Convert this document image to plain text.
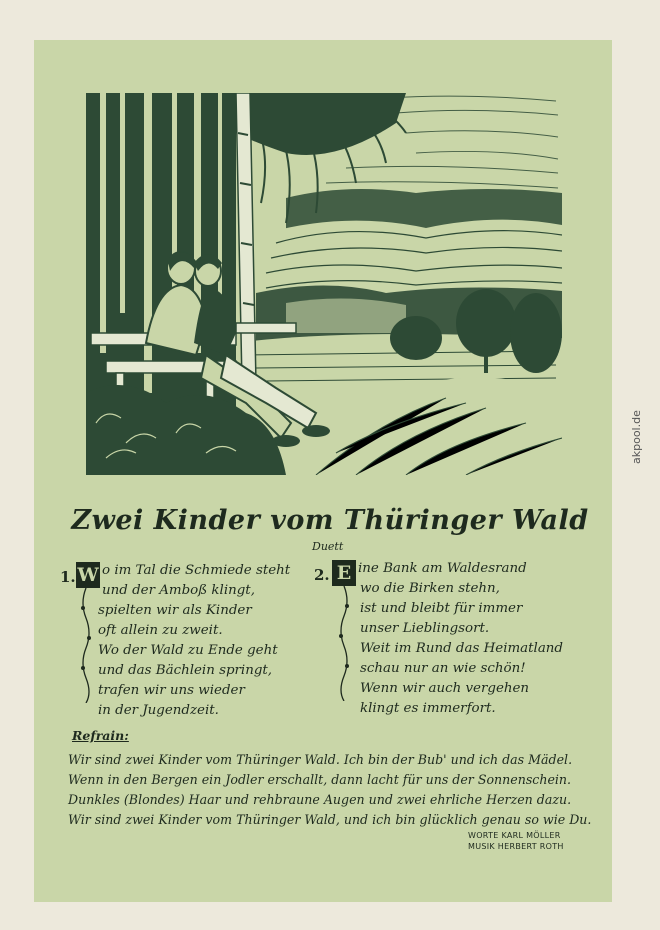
Zwei Kinder vom Thüringer Wald
Duett
1. W o im Tal die Schmiede steht
und der Amboß klingt,
spielten wir als Kinder
oft allein zu zweit.
Wo der Wald zu Ende geht
und das Bächlein springt,
trafen wir uns wieder
in der Jugendzeit.
2. E ine Bank am Waldesrand
wo die Birken stehn,
ist und bleibt für immer
unser Lieblingsort.
Weit im Rund das Heimatland
schau nur an wie schön!
Wenn wir auch vergehen
klingt es immerfort.
Refrain:
Wir sind zwei Kinder vom Thüringer Wald. Ich bin der Bub' und ich das Mädel.
Wenn in den Bergen ein Jodler erschallt, dann lacht für uns der Sonnenschein.
Dunkles (Blondes) Haar und rehbraune Augen und zwei ehrliche Herzen dazu.
Wir sind zwei Kinder vom Thüringer Wald, und ich bin glücklich genau so wie Du.
WORTE KARL MÖLLER
MUSIK HERBERT ROTH
akpool.de
